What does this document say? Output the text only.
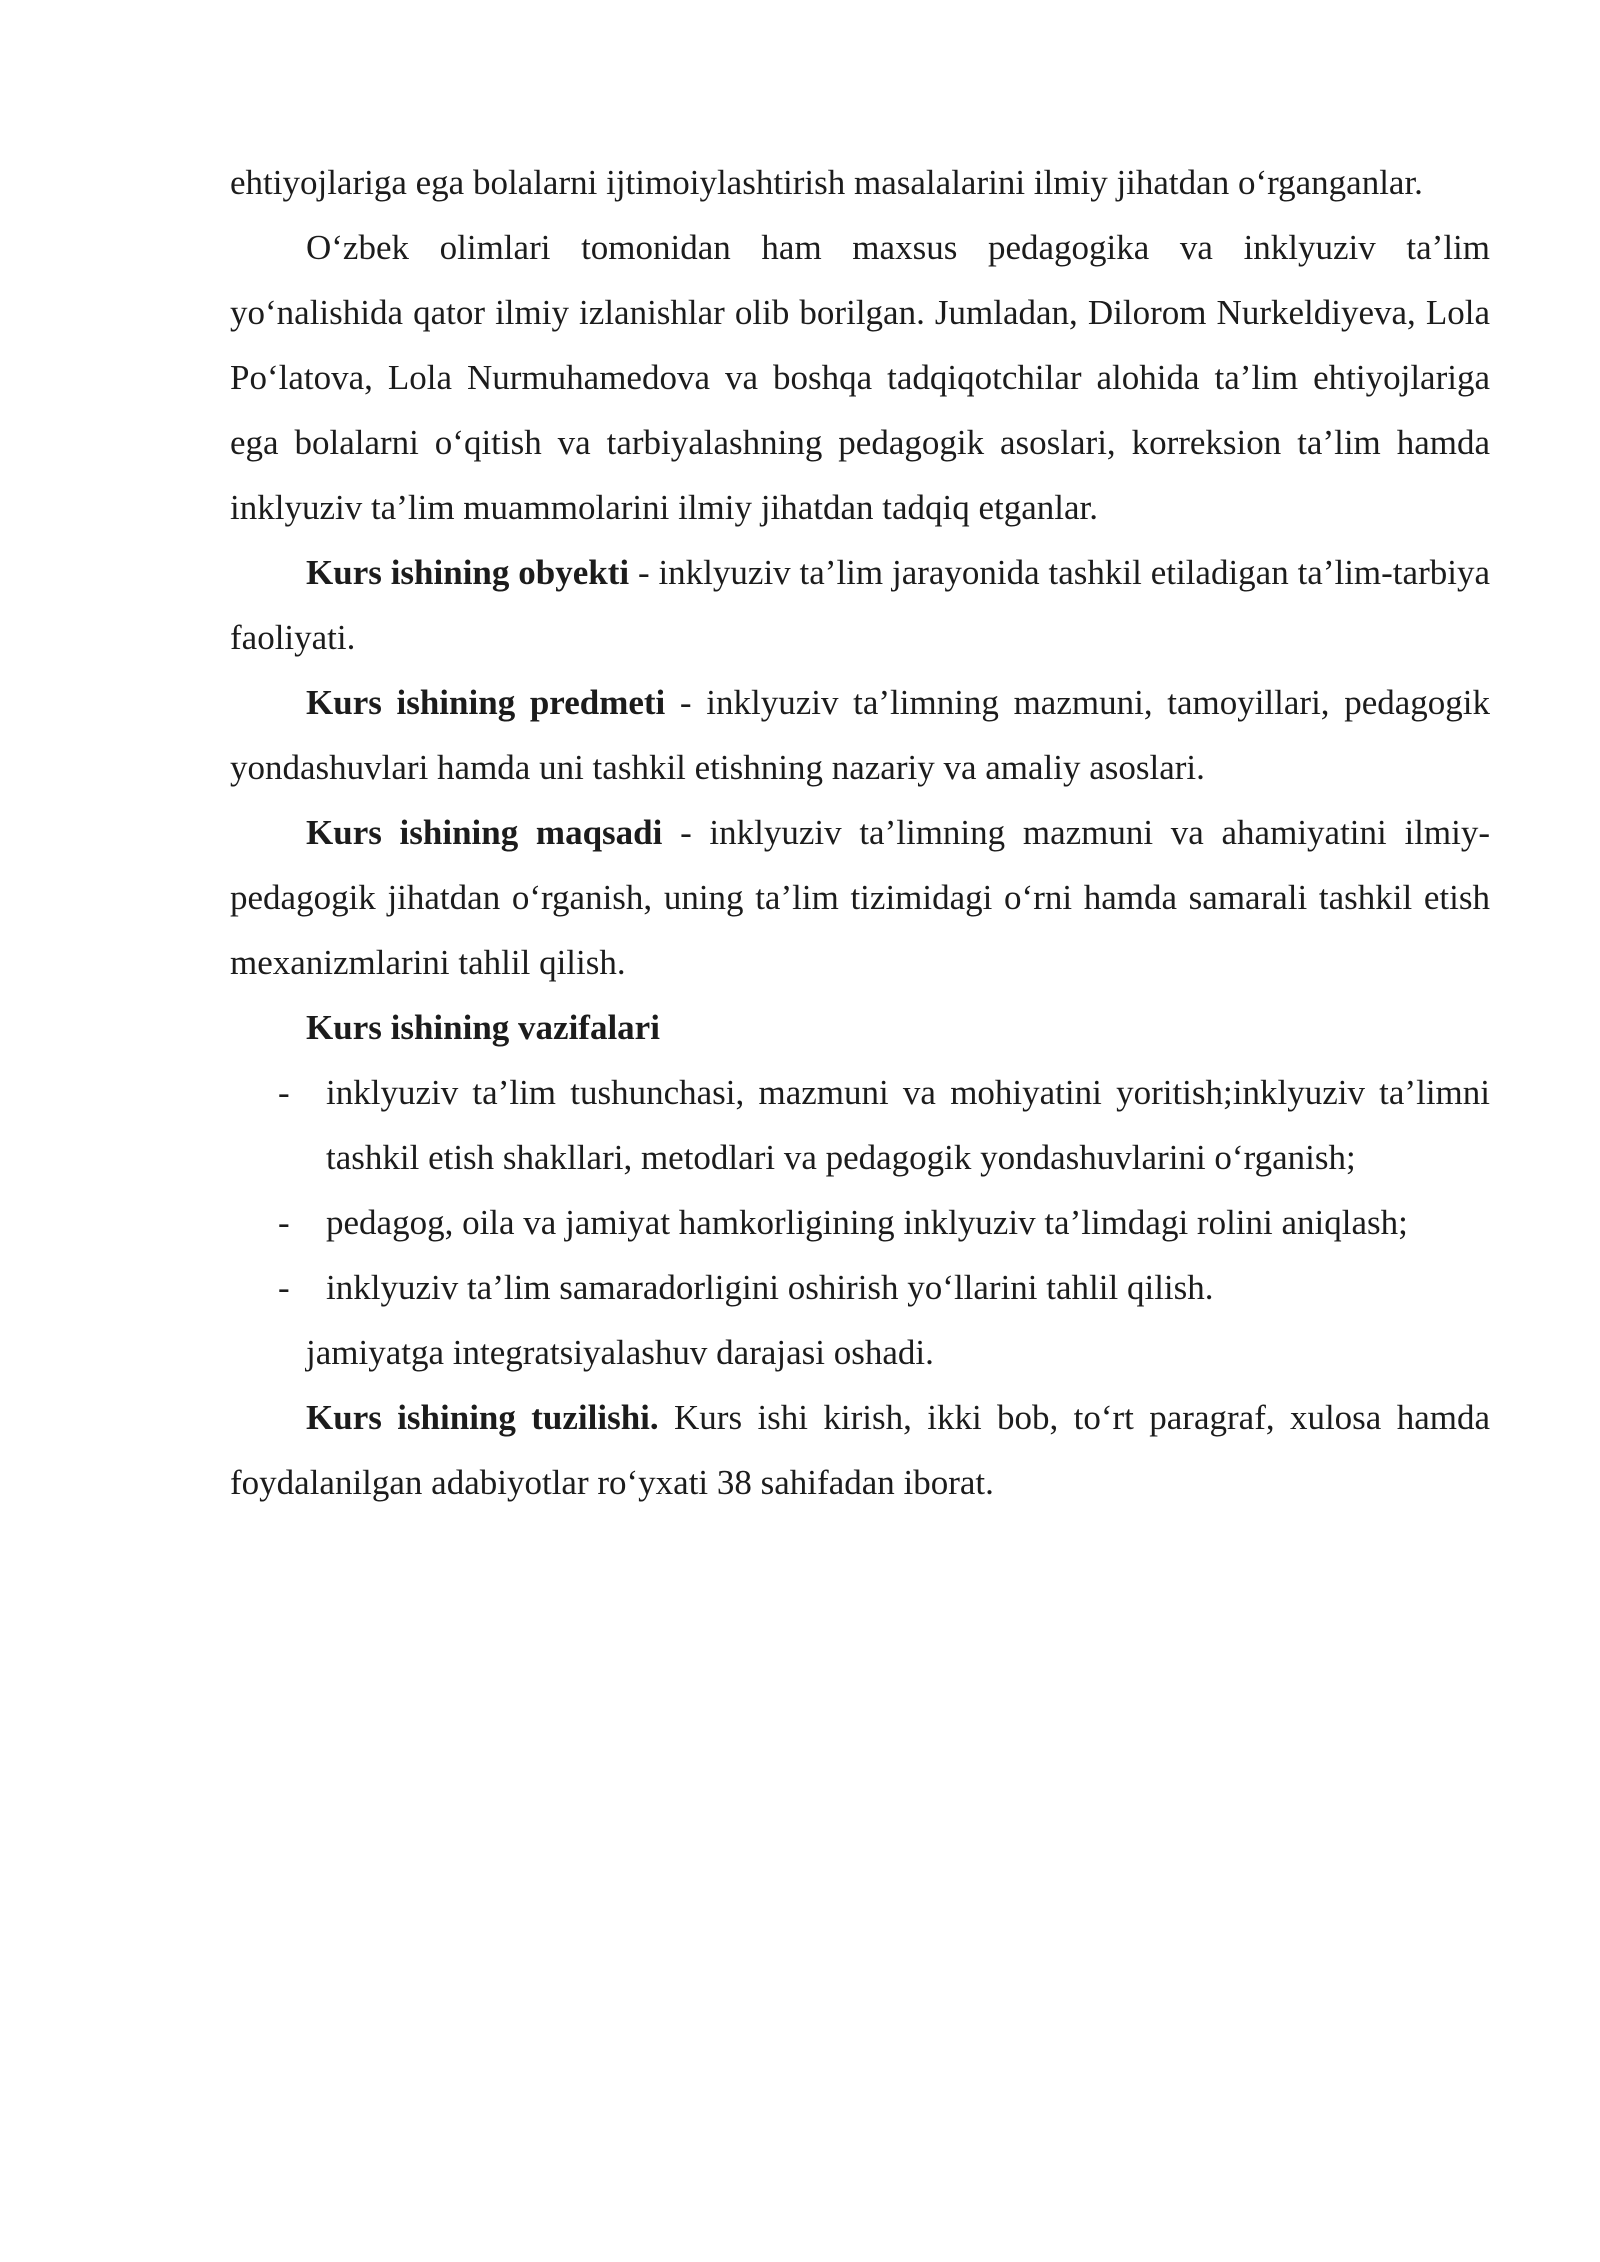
ehtiyojlariga ega bolalarni ijtimoiylashtirish masalalarini ilmiy jihatdan o‘rganganlar.

O‘zbek olimlari tomonidan ham maxsus pedagogika va inklyuziv ta’lim yo‘nalishida qator ilmiy izlanishlar olib borilgan. Jumladan, Dilorom Nurkeldiyeva, Lola Po‘latova, Lola Nurmuhamedova va boshqa tadqiqotchilar alohida ta’lim ehtiyojlariga ega bolalarni o‘qitish va tarbiyalashning pedagogik asoslari, korreksion ta’lim hamda inklyuziv ta’lim muammolarini ilmiy jihatdan tadqiq etganlar.

Kurs ishining obyekti - inklyuziv ta’lim jarayonida tashkil etiladigan ta’lim-tarbiya faoliyati.

Kurs ishining predmeti - inklyuziv ta’limning mazmuni, tamoyillari, pedagogik yondashuvlari hamda uni tashkil etishning nazariy va amaliy asoslari.

Kurs ishining maqsadi - inklyuziv ta’limning mazmuni va ahamiyatini ilmiy-pedagogik jihatdan o‘rganish, uning ta’lim tizimidagi o‘rni hamda samarali tashkil etish mexanizmlarini tahlil qilish.

Kurs ishining vazifalari

- inklyuziv ta’lim tushunchasi, mazmuni va mohiyatini yoritish;inklyuziv ta’limni tashkil etish shakllari, metodlari va pedagogik yondashuvlarini o‘rganish;
- pedagog, oila va jamiyat hamkorligining inklyuziv ta’limdagi rolini aniqlash;
- inklyuziv ta’lim samaradorligini oshirish yo‘llarini tahlil qilish.

jamiyatga integratsiyalashuv darajasi oshadi.

Kurs ishining tuzilishi. Kurs ishi kirish, ikki bob, to‘rt paragraf, xulosa hamda foydalanilgan adabiyotlar ro‘yxati 38 sahifadan iborat.
